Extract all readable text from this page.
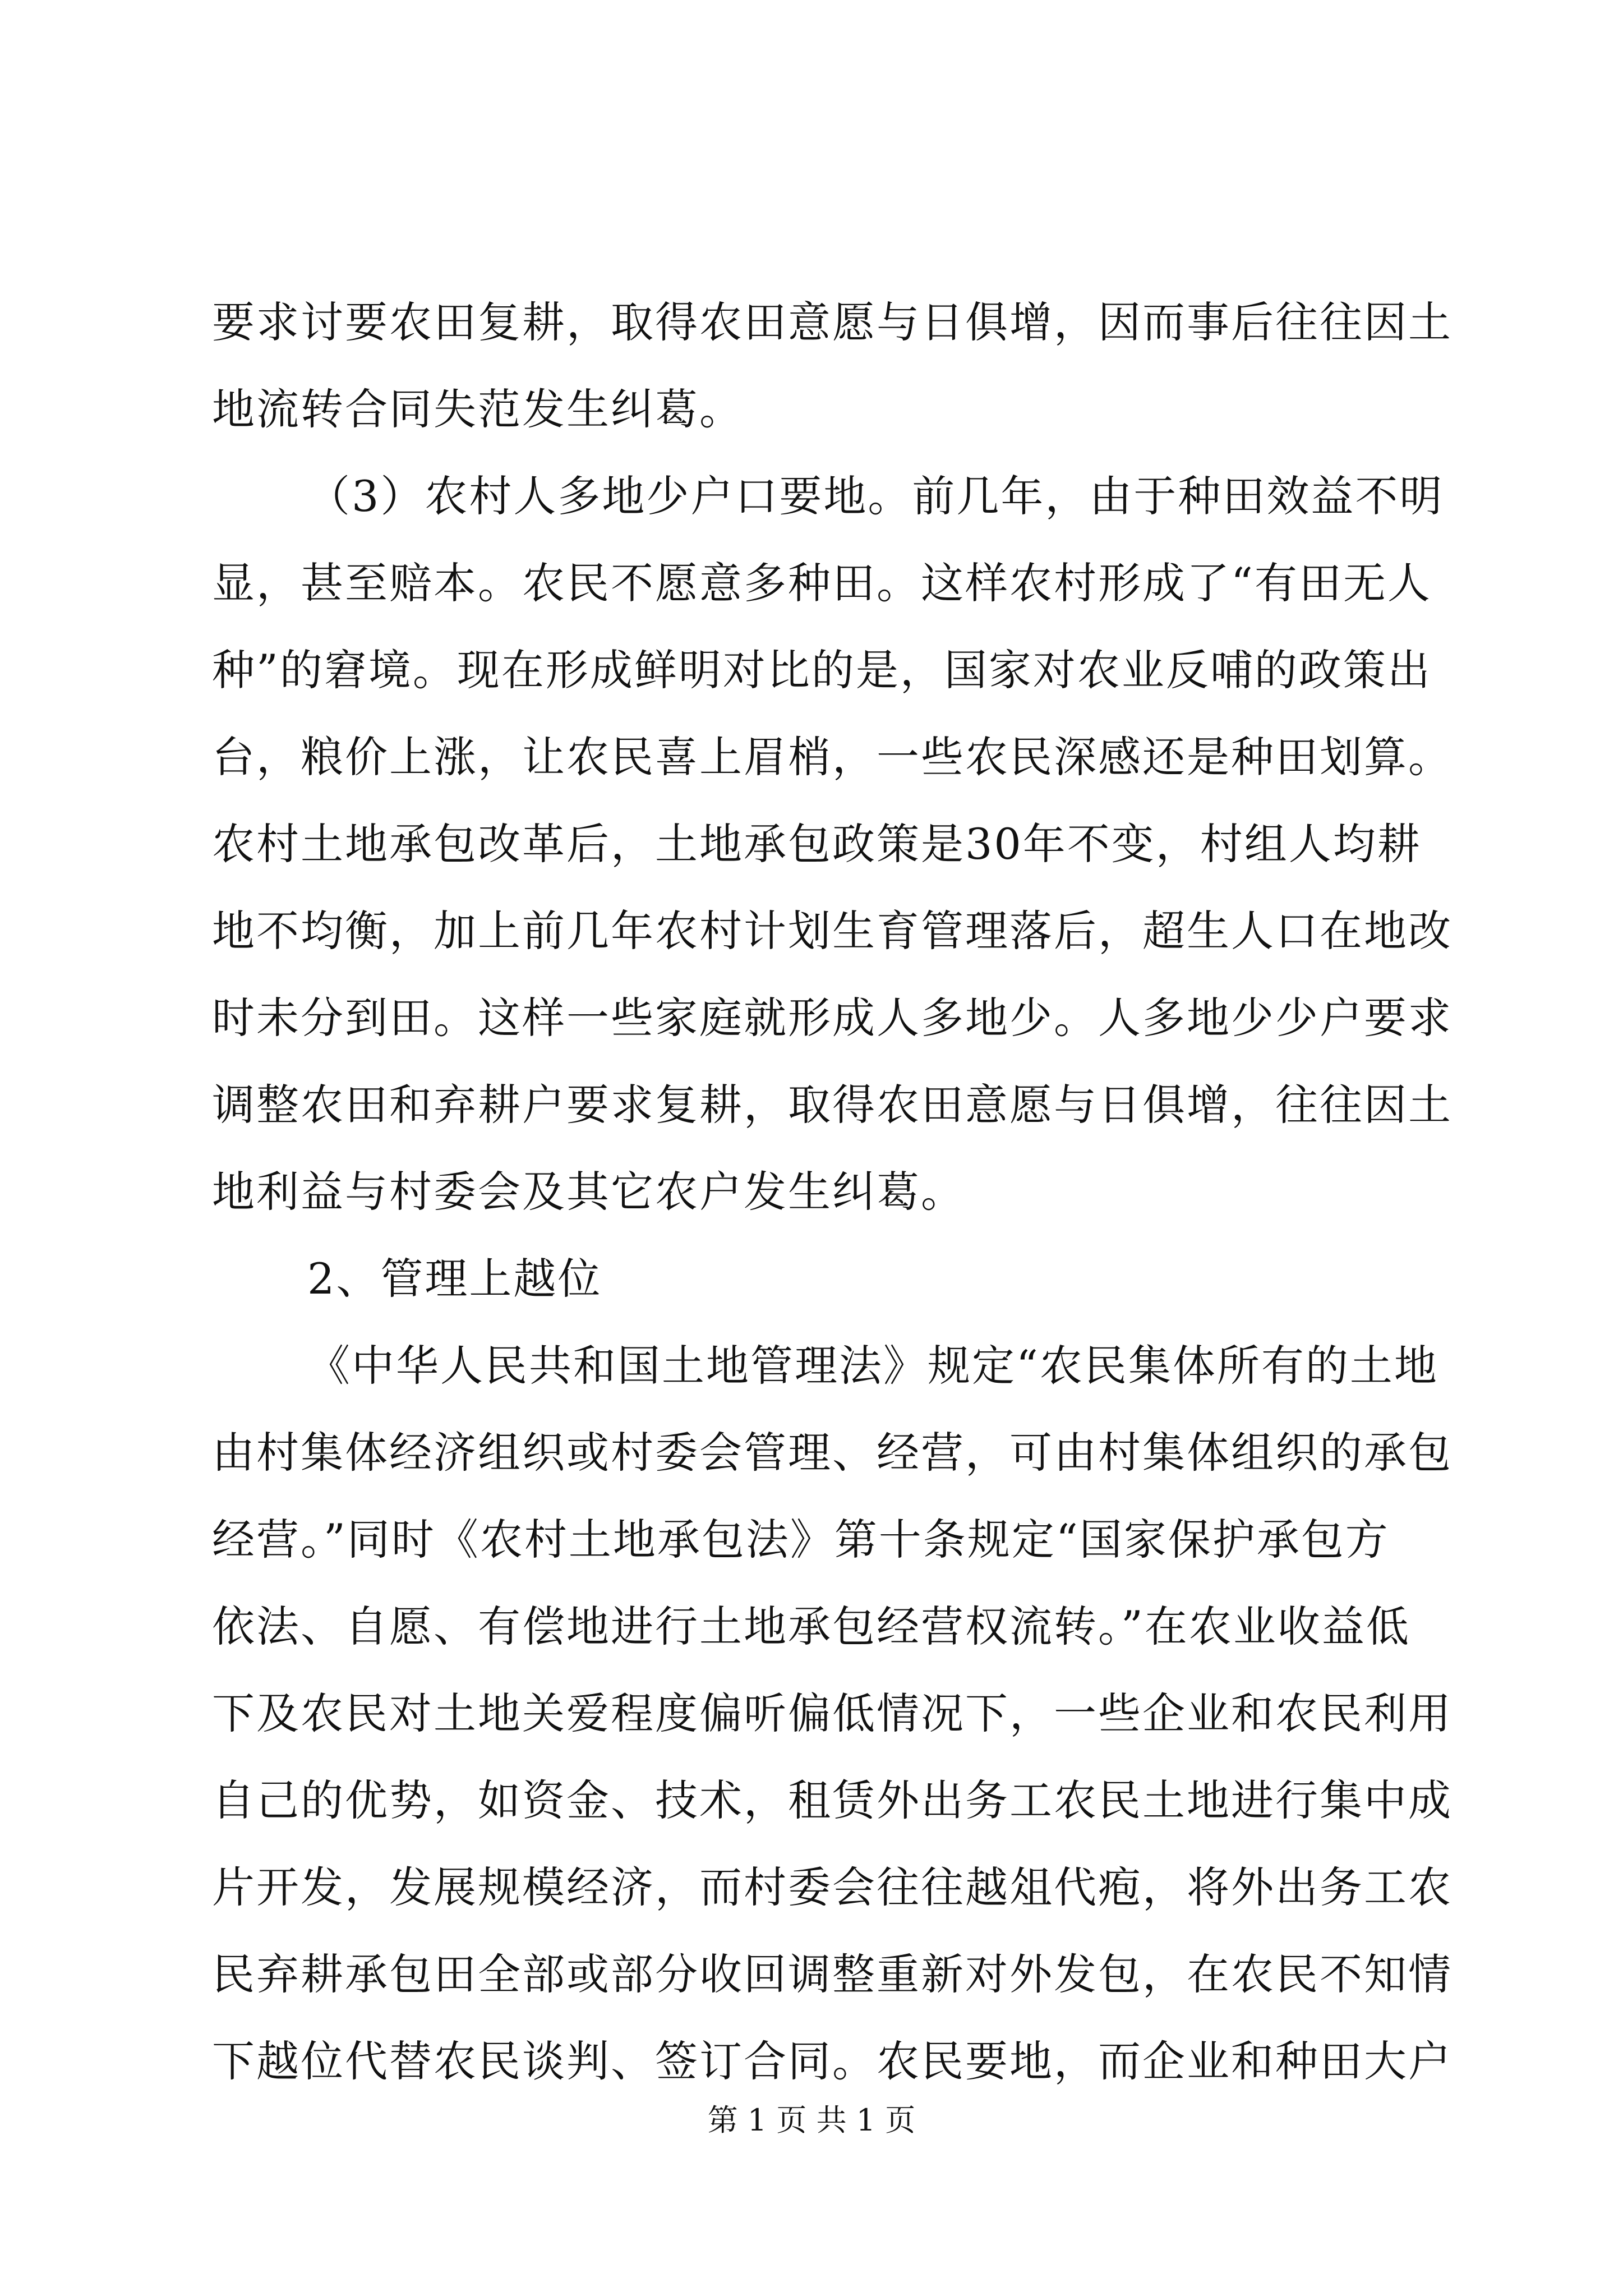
要求讨要农田复耕，取得农田意愿与日俱增，因而事后往往因土
地流转合同失范发生纠葛。
（3）农村人多地少户口要地。前几年，由于种田效益不明
显，甚至赔本。农民不愿意多种田。这样农村形成了“有田无人
种”的窘境。现在形成鲜明对比的是，国家对农业反哺的政策出
台，粮价上涨，让农民喜上眉梢，一些农民深感还是种田划算。
农村土地承包改革后，土地承包政策是30年不变，村组人均耕
地不均衡，加上前几年农村计划生育管理落后，超生人口在地改
时未分到田。这样一些家庭就形成人多地少。人多地少少户要求
调整农田和弃耕户要求复耕，取得农田意愿与日俱增，往往因土
地利益与村委会及其它农户发生纠葛。
2、管理上越位
《中华人民共和国土地管理法》规定“农民集体所有的土地
由村集体经济组织或村委会管理、经营，可由村集体组织的承包
经营。”同时《农村土地承包法》第十条规定“国家保护承包方
依法、自愿、有偿地进行土地承包经营权流转。”在农业收益低
下及农民对土地关爱程度偏听偏低情况下，一些企业和农民利用
自己的优势，如资金、技术，租赁外出务工农民土地进行集中成
片开发，发展规模经济，而村委会往往越俎代疱，将外出务工农
民弃耕承包田全部或部分收回调整重新对外发包，在农民不知情
下越位代替农民谈判、签订合同。农民要地，而企业和种田大户
第 1 页 共 1 页
